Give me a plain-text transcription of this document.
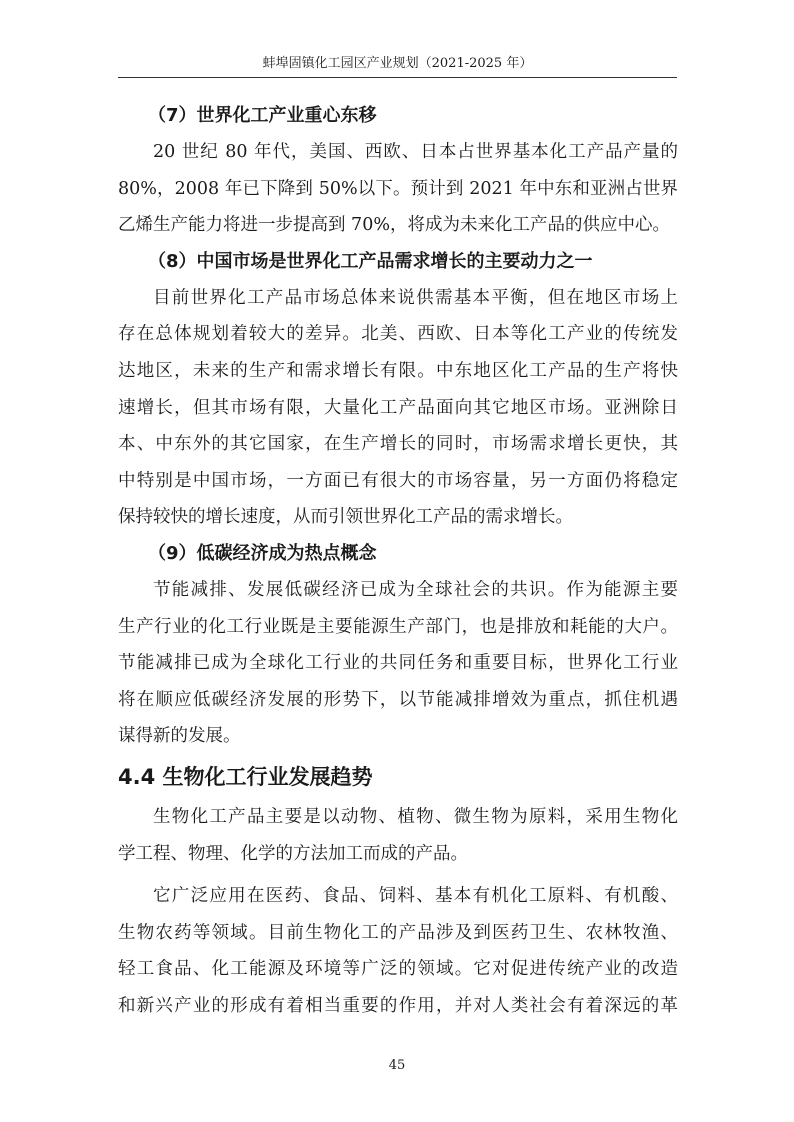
蚌埠固镇化工园区产业规划（2021-2025 年）
（7）世界化工产业重心东移

20 世纪 80 年代，美国、西欧、日本占世界基本化工产品产量的
80%，2008 年已下降到 50%以下。预计到 2021 年中东和亚洲占世界
乙烯生产能力将进一步提高到 70%，将成为未来化工产品的供应中心。

（8）中国市场是世界化工产品需求增长的主要动力之一

目前世界化工产品市场总体来说供需基本平衡，但在地区市场上
存在总体规划着较大的差异。北美、西欧、日本等化工产业的传统发
达地区，未来的生产和需求增长有限。中东地区化工产品的生产将快
速增长，但其市场有限，大量化工产品面向其它地区市场。亚洲除日
本、中东外的其它国家，在生产增长的同时，市场需求增长更快，其
中特别是中国市场，一方面已有很大的市场容量，另一方面仍将稳定
保持较快的增长速度，从而引领世界化工产品的需求增长。

（9）低碳经济成为热点概念

节能减排、发展低碳经济已成为全球社会的共识。作为能源主要
生产行业的化工行业既是主要能源生产部门，也是排放和耗能的大户。
节能减排已成为全球化工行业的共同任务和重要目标，世界化工行业
将在顺应低碳经济发展的形势下，以节能减排增效为重点，抓住机遇
谋得新的发展。

4.4 生物化工行业发展趋势

生物化工产品主要是以动物、植物、微生物为原料，采用生物化
学工程、物理、化学的方法加工而成的产品。

它广泛应用在医药、食品、饲料、基本有机化工原料、有机酸、
生物农药等领域。目前生物化工的产品涉及到医药卫生、农林牧渔、
轻工食品、化工能源及环境等广泛的领域。它对促进传统产业的改造
和新兴产业的形成有着相当重要的作用，并对人类社会有着深远的革

45
